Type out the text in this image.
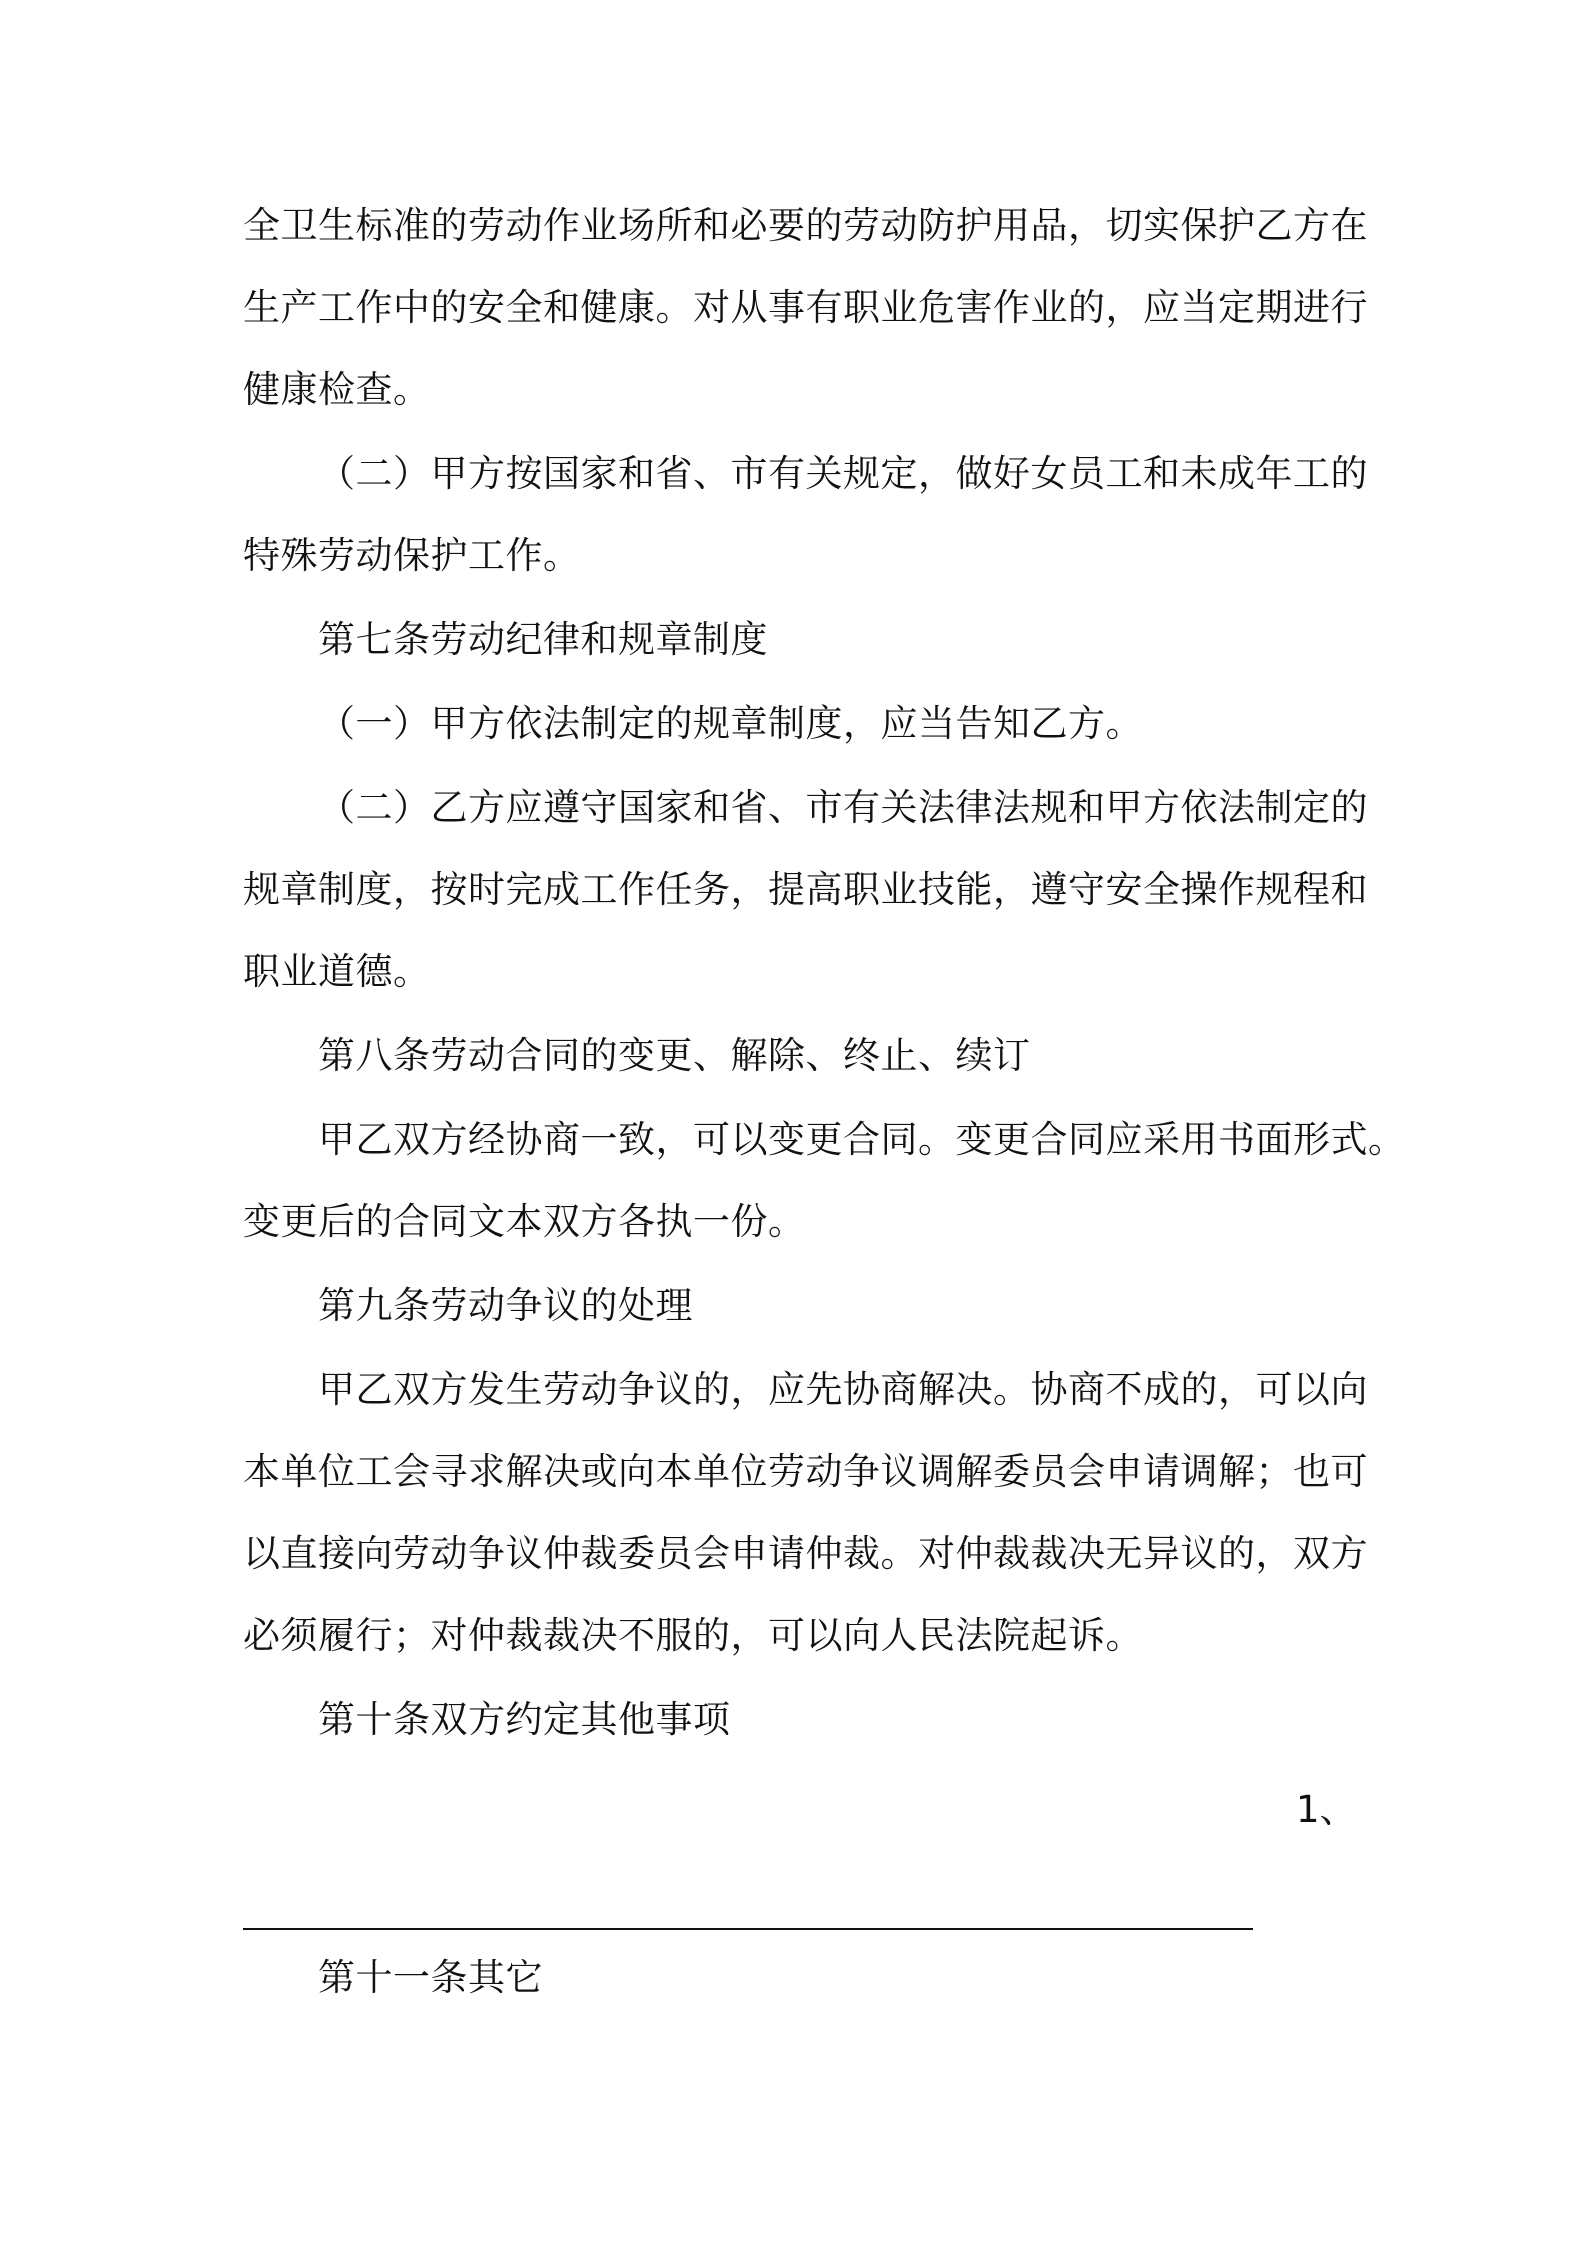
全卫生标准的劳动作业场所和必要的劳动防护用品，切实保护乙方在
生产工作中的安全和健康。对从事有职业危害作业的，应当定期进行
健康检查。
（二）甲方按国家和省、市有关规定，做好女员工和未成年工的
特殊劳动保护工作。
第七条劳动纪律和规章制度
（一）甲方依法制定的规章制度，应当告知乙方。
（二）乙方应遵守国家和省、市有关法律法规和甲方依法制定的
规章制度，按时完成工作任务，提高职业技能，遵守安全操作规程和
职业道德。
第八条劳动合同的变更、解除、终止、续订
甲乙双方经协商一致，可以变更合同。变更合同应采用书面形式。
变更后的合同文本双方各执一份。
第九条劳动争议的处理
甲乙双方发生劳动争议的，应先协商解决。协商不成的，可以向
本单位工会寻求解决或向本单位劳动争议调解委员会申请调解；也可
以直接向劳动争议仲裁委员会申请仲裁。对仲裁裁决无异议的，双方
必须履行；对仲裁裁决不服的，可以向人民法院起诉。
第十条双方约定其他事项
1、
第十一条其它
